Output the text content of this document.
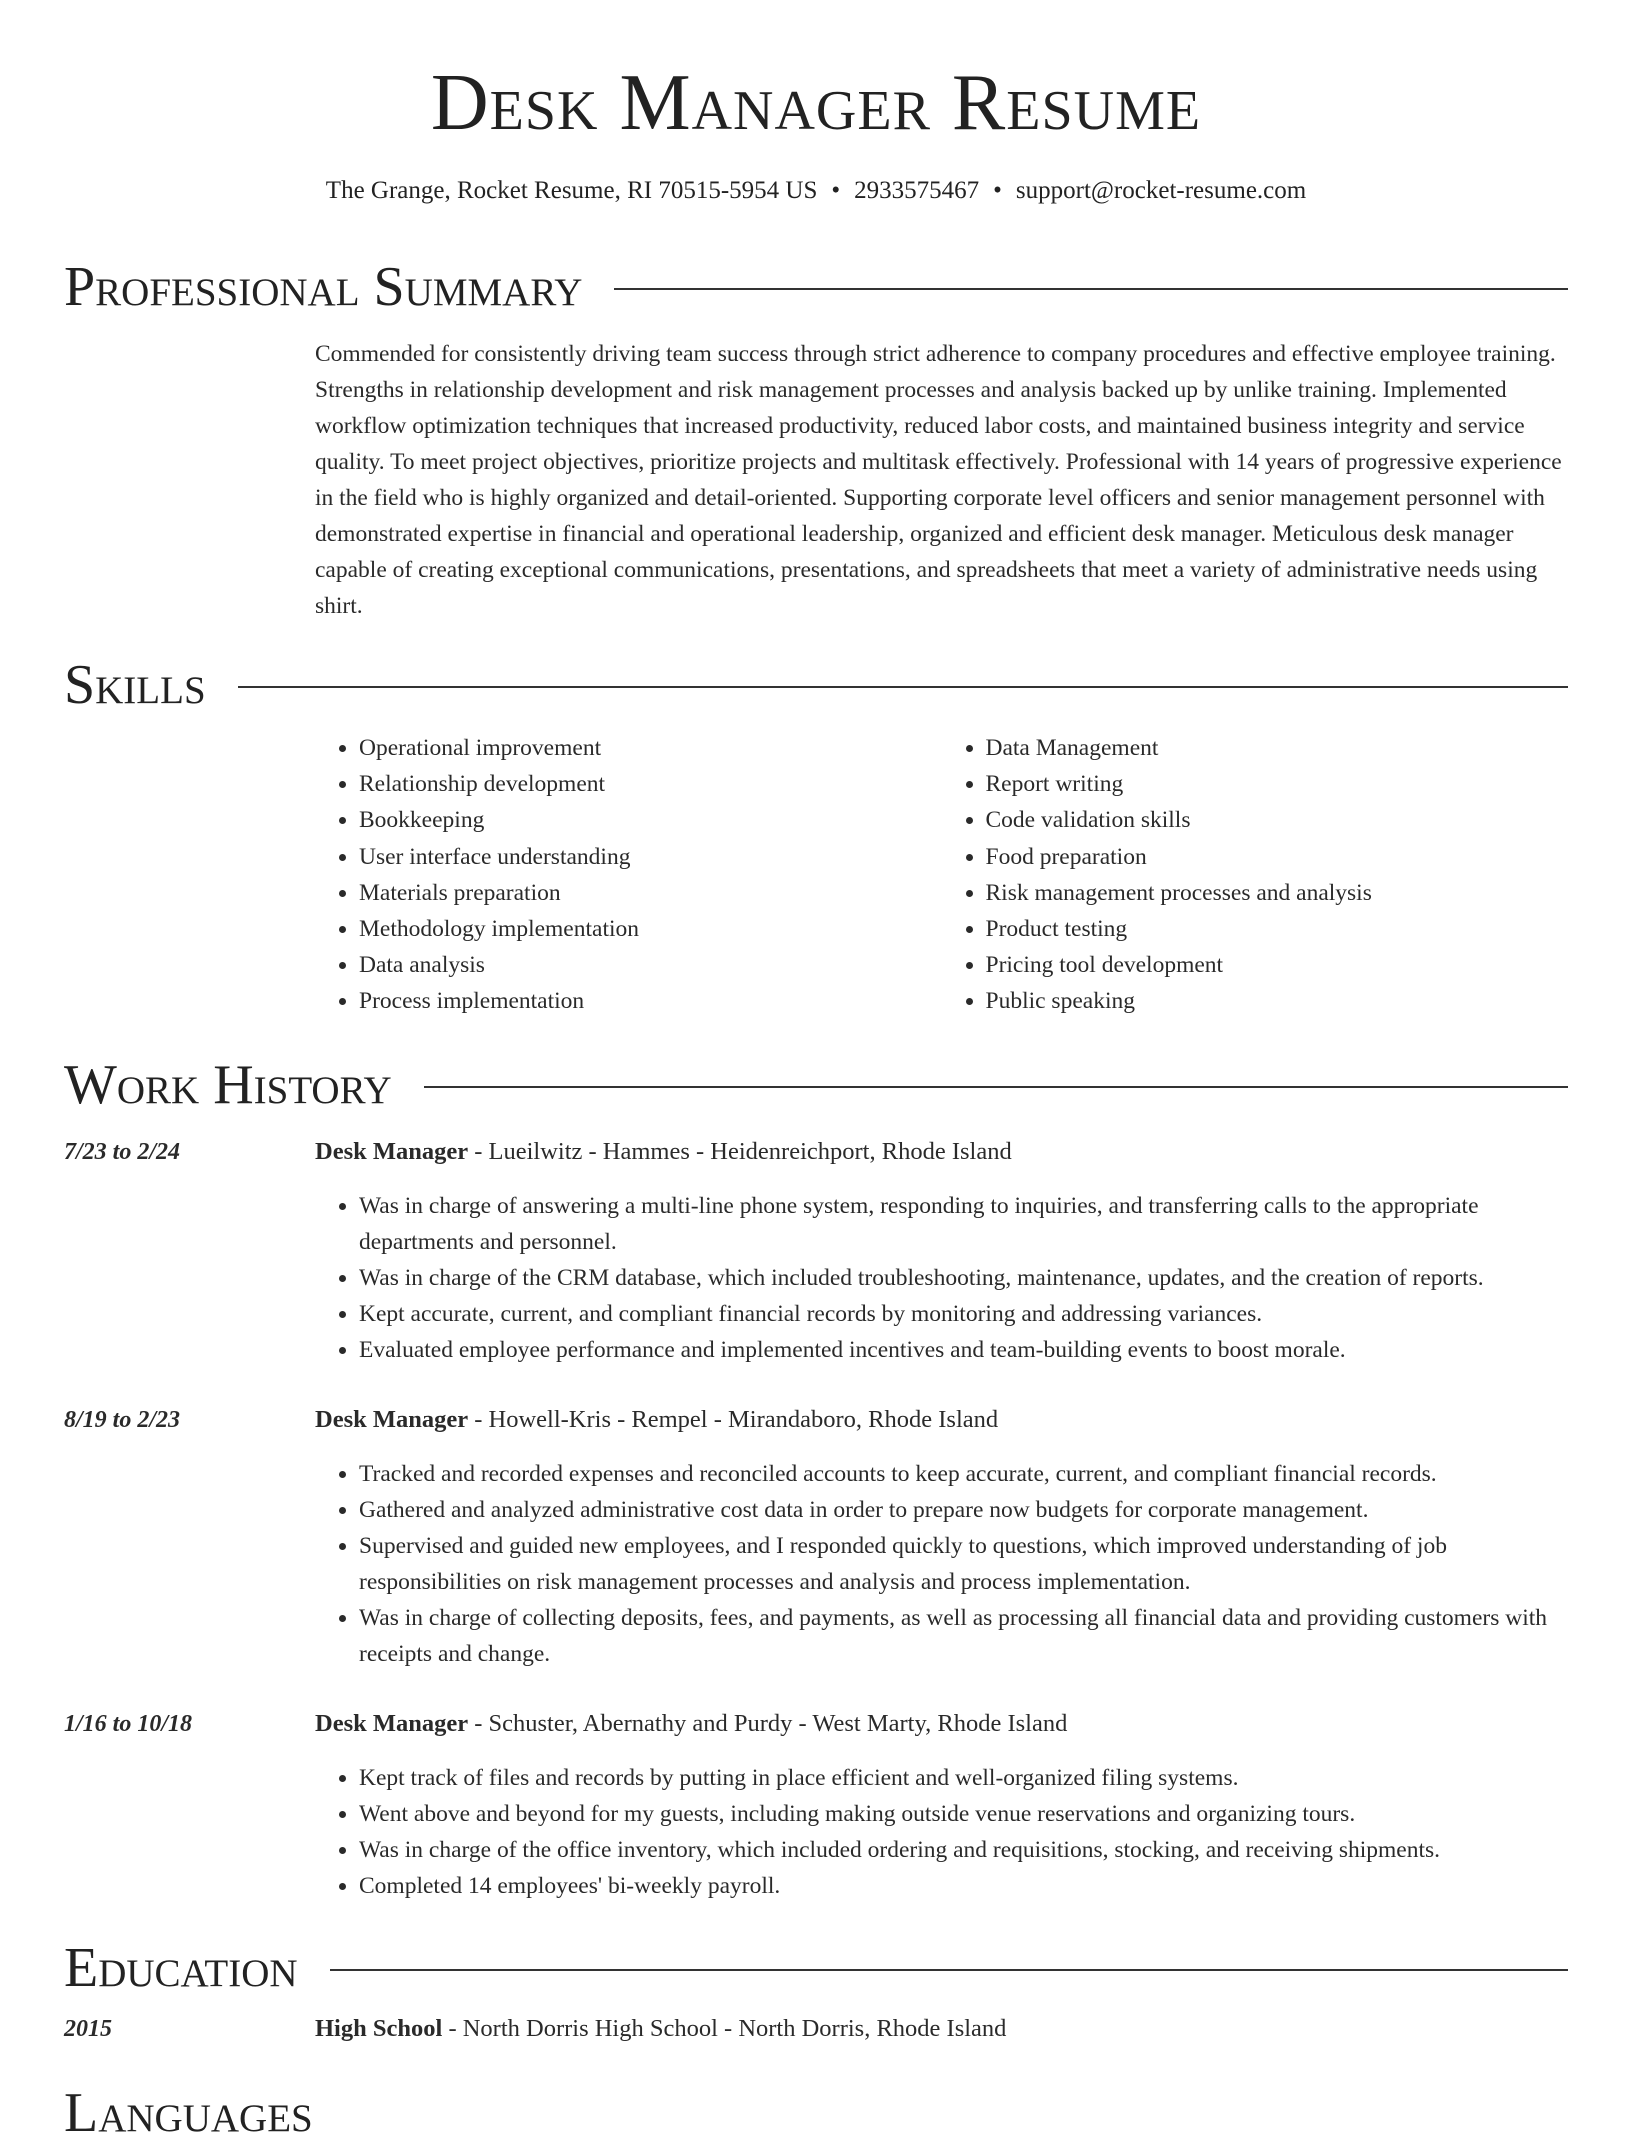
Desk Manager Resume
The Grange, Rocket Resume, RI 70515-5954 US • 2933575467 • support@rocket-resume.com
Professional Summary
Commended for consistently driving team success through strict adherence to company procedures and effective employee training. Strengths in relationship development and risk management processes and analysis backed up by unlike training. Implemented workflow optimization techniques that increased productivity, reduced labor costs, and maintained business integrity and service quality. To meet project objectives, prioritize projects and multitask effectively. Professional with 14 years of progressive experience in the field who is highly organized and detail-oriented. Supporting corporate level officers and senior management personnel with demonstrated expertise in financial and operational leadership, organized and efficient desk manager. Meticulous desk manager capable of creating exceptional communications, presentations, and spreadsheets that meet a variety of administrative needs using shirt.
Skills
• Operational improvement
• Relationship development
• Bookkeeping
• User interface understanding
• Materials preparation
• Methodology implementation
• Data analysis
• Process implementation
• Data Management
• Report writing
• Code validation skills
• Food preparation
• Risk management processes and analysis
• Product testing
• Pricing tool development
• Public speaking
Work History
7/23 to 2/24	Desk Manager - Lueilwitz - Hammes - Heidenreichport, Rhode Island
• Was in charge of answering a multi-line phone system, responding to inquiries, and transferring calls to the appropriate departments and personnel.
• Was in charge of the CRM database, which included troubleshooting, maintenance, updates, and the creation of reports.
• Kept accurate, current, and compliant financial records by monitoring and addressing variances.
• Evaluated employee performance and implemented incentives and team-building events to boost morale.
8/19 to 2/23	Desk Manager - Howell-Kris - Rempel - Mirandaboro, Rhode Island
• Tracked and recorded expenses and reconciled accounts to keep accurate, current, and compliant financial records.
• Gathered and analyzed administrative cost data in order to prepare now budgets for corporate management.
• Supervised and guided new employees, and I responded quickly to questions, which improved understanding of job responsibilities on risk management processes and analysis and process implementation.
• Was in charge of collecting deposits, fees, and payments, as well as processing all financial data and providing customers with receipts and change.
1/16 to 10/18	Desk Manager - Schuster, Abernathy and Purdy - West Marty, Rhode Island
• Kept track of files and records by putting in place efficient and well-organized filing systems.
• Went above and beyond for my guests, including making outside venue reservations and organizing tours.
• Was in charge of the office inventory, which included ordering and requisitions, stocking, and receiving shipments.
• Completed 14 employees' bi-weekly payroll.
Education
2015	High School - North Dorris High School - North Dorris, Rhode Island
Languages
